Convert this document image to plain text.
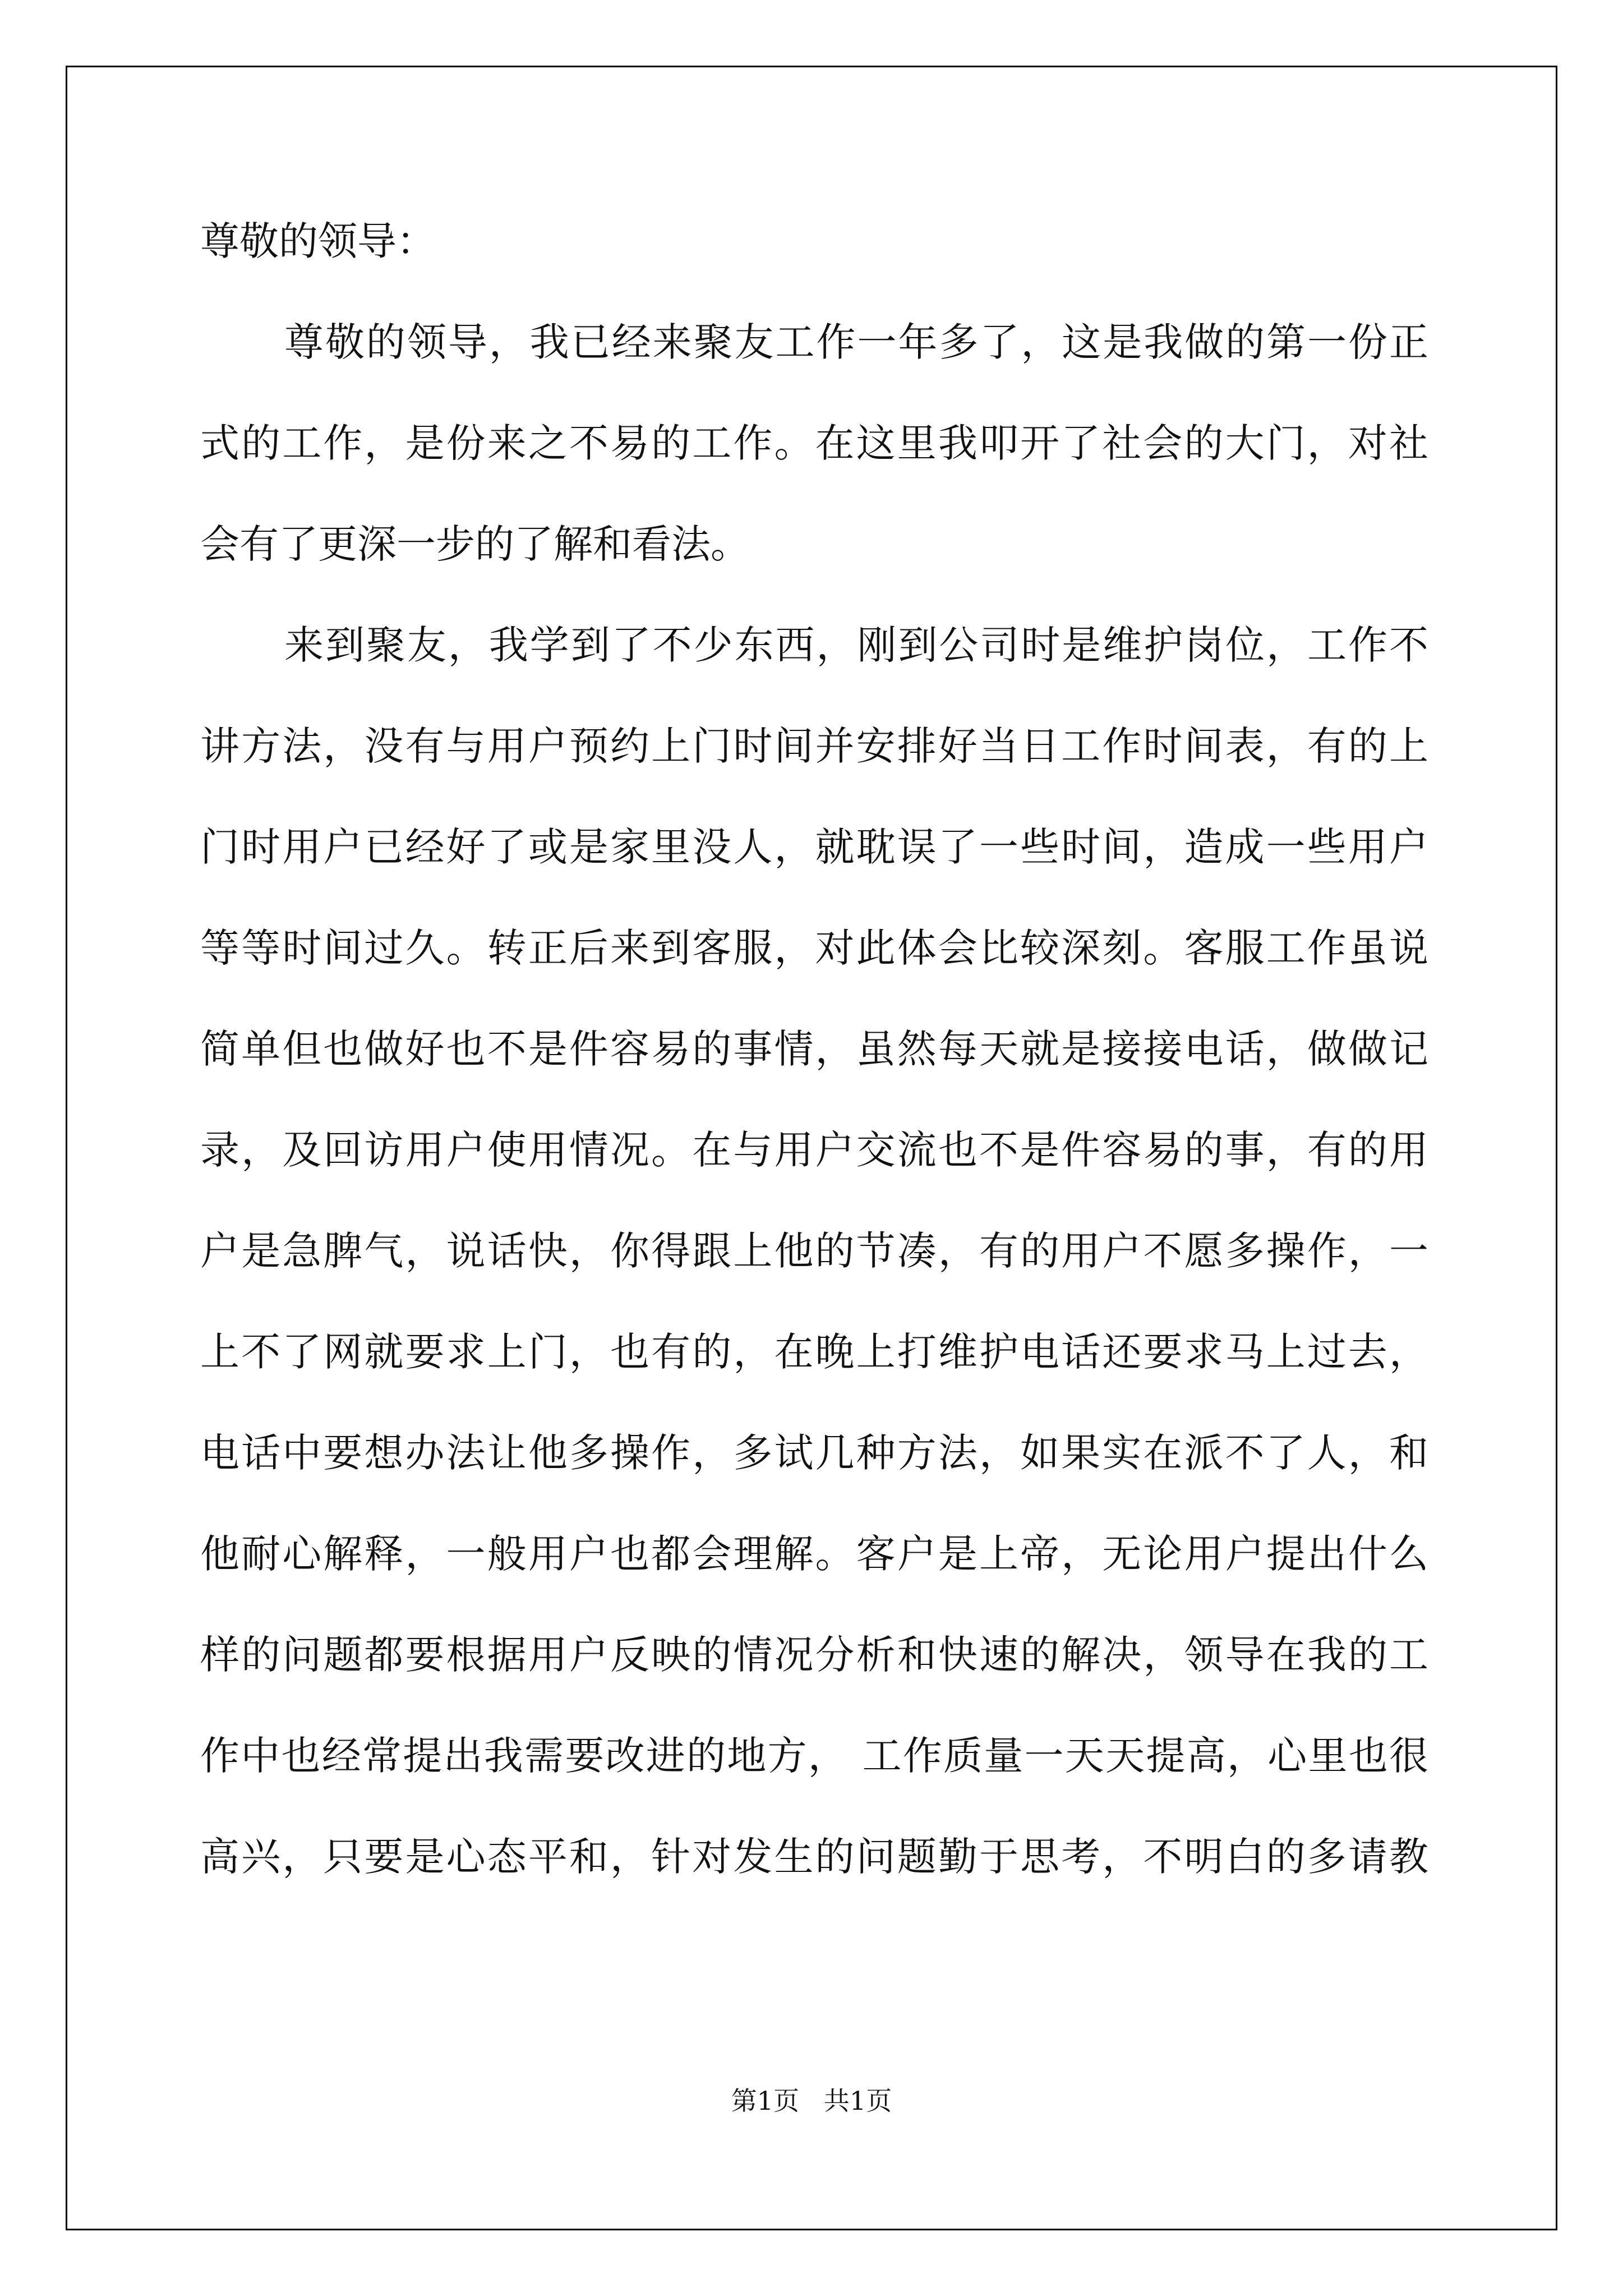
尊敬的领导：
尊敬的领导，我已经来聚友工作一年多了，这是我做的第一份正
式的工作，是份来之不易的工作。在这里我叩开了社会的大门，对社
会有了更深一步的了解和看法。
来到聚友，我学到了不少东西，刚到公司时是维护岗位，工作不
讲方法，没有与用户预约上门时间并安排好当日工作时间表，有的上
门时用户已经好了或是家里没人，就耽误了一些时间，造成一些用户
等等时间过久。转正后来到客服，对此体会比较深刻。客服工作虽说
简单但也做好也不是件容易的事情，虽然每天就是接接电话，做做记
录，及回访用户使用情况。在与用户交流也不是件容易的事，有的用
户是急脾气，说话快，你得跟上他的节凑，有的用户不愿多操作，一
上不了网就要求上门，也有的，在晚上打维护电话还要求马上过去，
电话中要想办法让他多操作，多试几种方法，如果实在派不了人，和
他耐心解释，一般用户也都会理解。客户是上帝，无论用户提出什么
样的问题都要根据用户反映的情况分析和快速的解决，领导在我的工
作中也经常提出我需要改进的地方， 工作质量一天天提高，心里也很
高兴，只要是心态平和，针对发生的问题勤于思考，不明白的多请教
第1页   共1页
